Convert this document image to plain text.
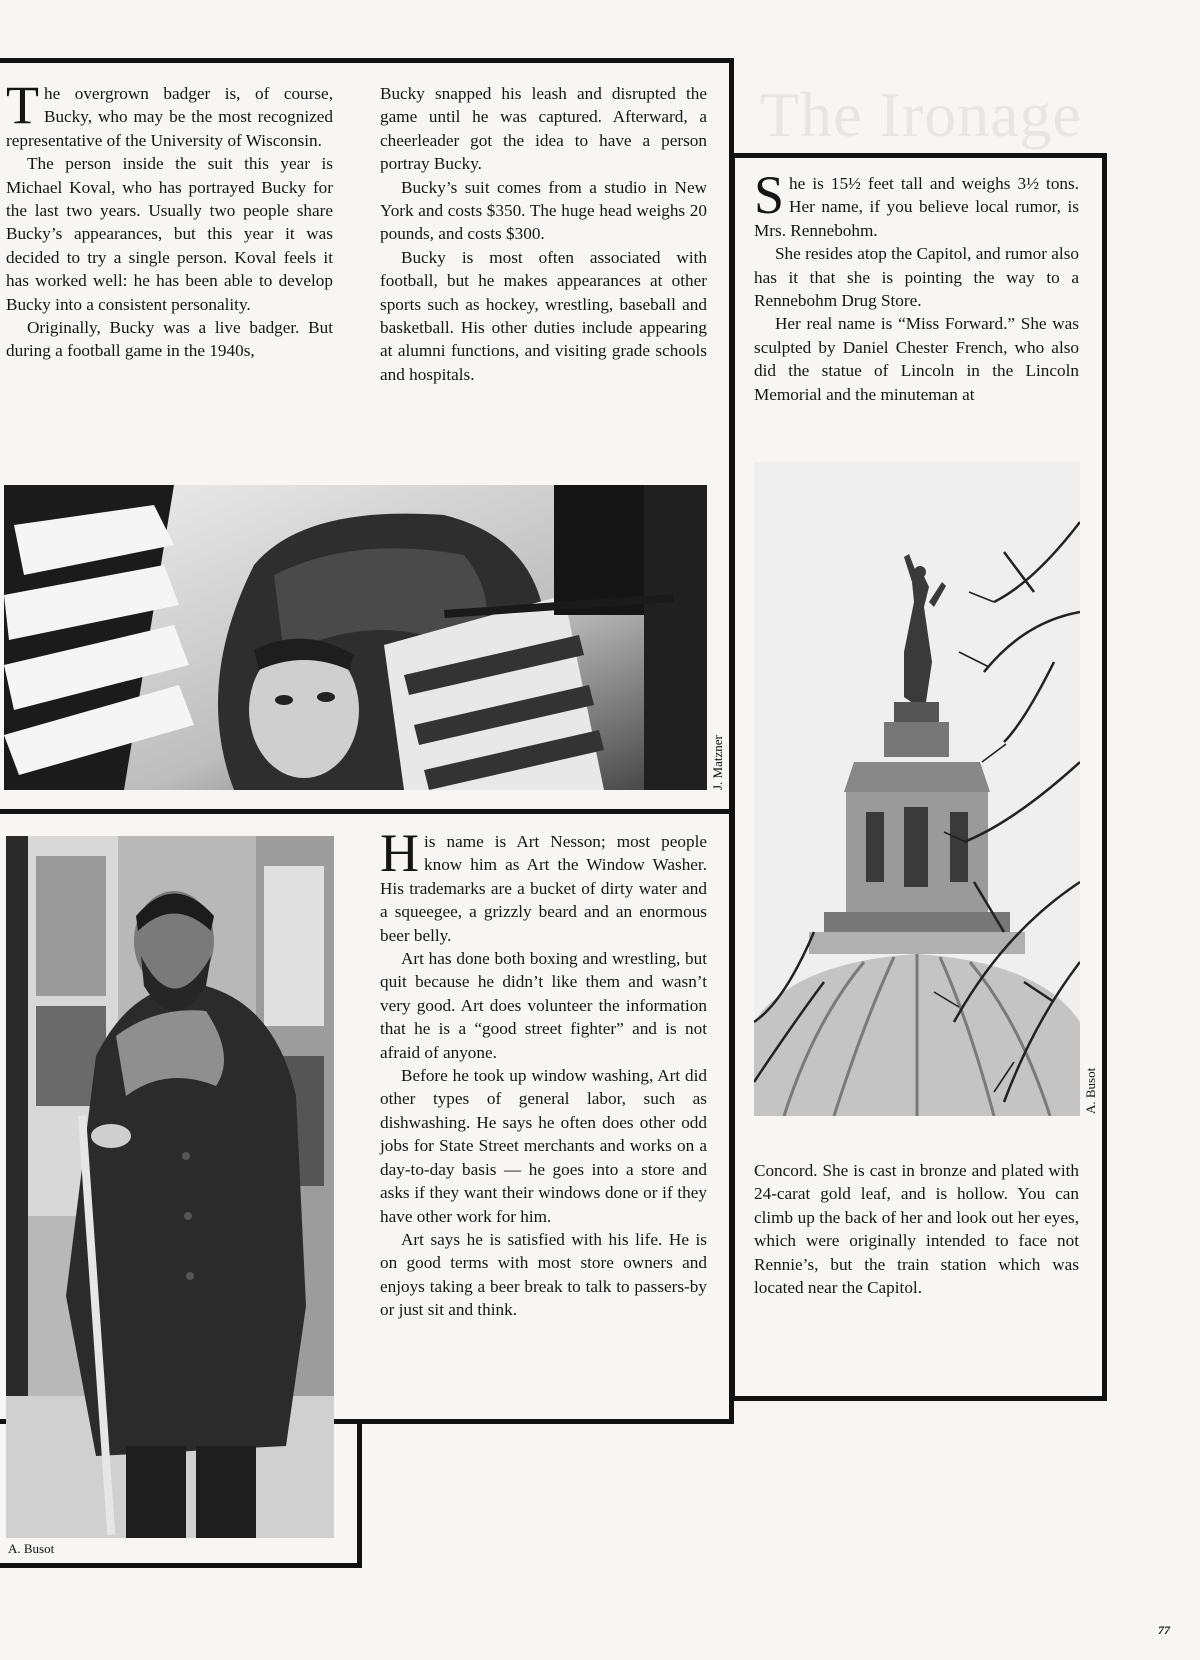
The Ironage

The overgrown badger is, of course, Bucky, who may be the most recognized representative of the University of Wisconsin.

The person inside the suit this year is Michael Koval, who has portrayed Bucky for the last two years. Usually two people share Bucky’s appearances, but this year it was decided to try a single person. Koval feels it has worked well: he has been able to develop Bucky into a consistent personality.

Originally, Bucky was a live badger. But during a football game in the 1940s,

Bucky snapped his leash and disrupted the game until he was captured. Afterward, a cheerleader got the idea to have a person portray Bucky.

Bucky’s suit comes from a studio in New York and costs $350. The huge head weighs 20 pounds, and costs $300.

Bucky is most often associated with football, but he makes appearances at other sports such as hockey, wrestling, baseball and basketball. His other duties include appearing at alumni functions, and visiting grade schools and hospitals.

J. Matzner

She is 15½ feet tall and weighs 3½ tons. Her name, if you believe local rumor, is Mrs. Rennebohm.

She resides atop the Capitol, and rumor also has it that she is pointing the way to a Rennebohm Drug Store.

Her real name is “Miss Forward.” She was sculpted by Daniel Chester French, who also did the statue of Lincoln in the Lincoln Memorial and the minuteman at

A. Busot

Concord. She is cast in bronze and plated with 24-carat gold leaf, and is hollow. You can climb up the back of her and look out her eyes, which were originally intended to face not Rennie’s, but the train station which was located near the Capitol.

A. Busot

His name is Art Nesson; most people know him as Art the Window Washer. His trademarks are a bucket of dirty water and a squeegee, a grizzly beard and an enormous beer belly.

Art has done both boxing and wrestling, but quit because he didn’t like them and wasn’t very good. Art does volunteer the information that he is a “good street fighter” and is not afraid of anyone.

Before he took up window washing, Art did other types of general labor, such as dishwashing. He says he often does other odd jobs for State Street merchants and works on a day-to-day basis — he goes into a store and asks if they want their windows done or if they have other work for him.

Art says he is satisfied with his life. He is on good terms with most store owners and enjoys taking a beer break to talk to passers-by or just sit and think.

77
